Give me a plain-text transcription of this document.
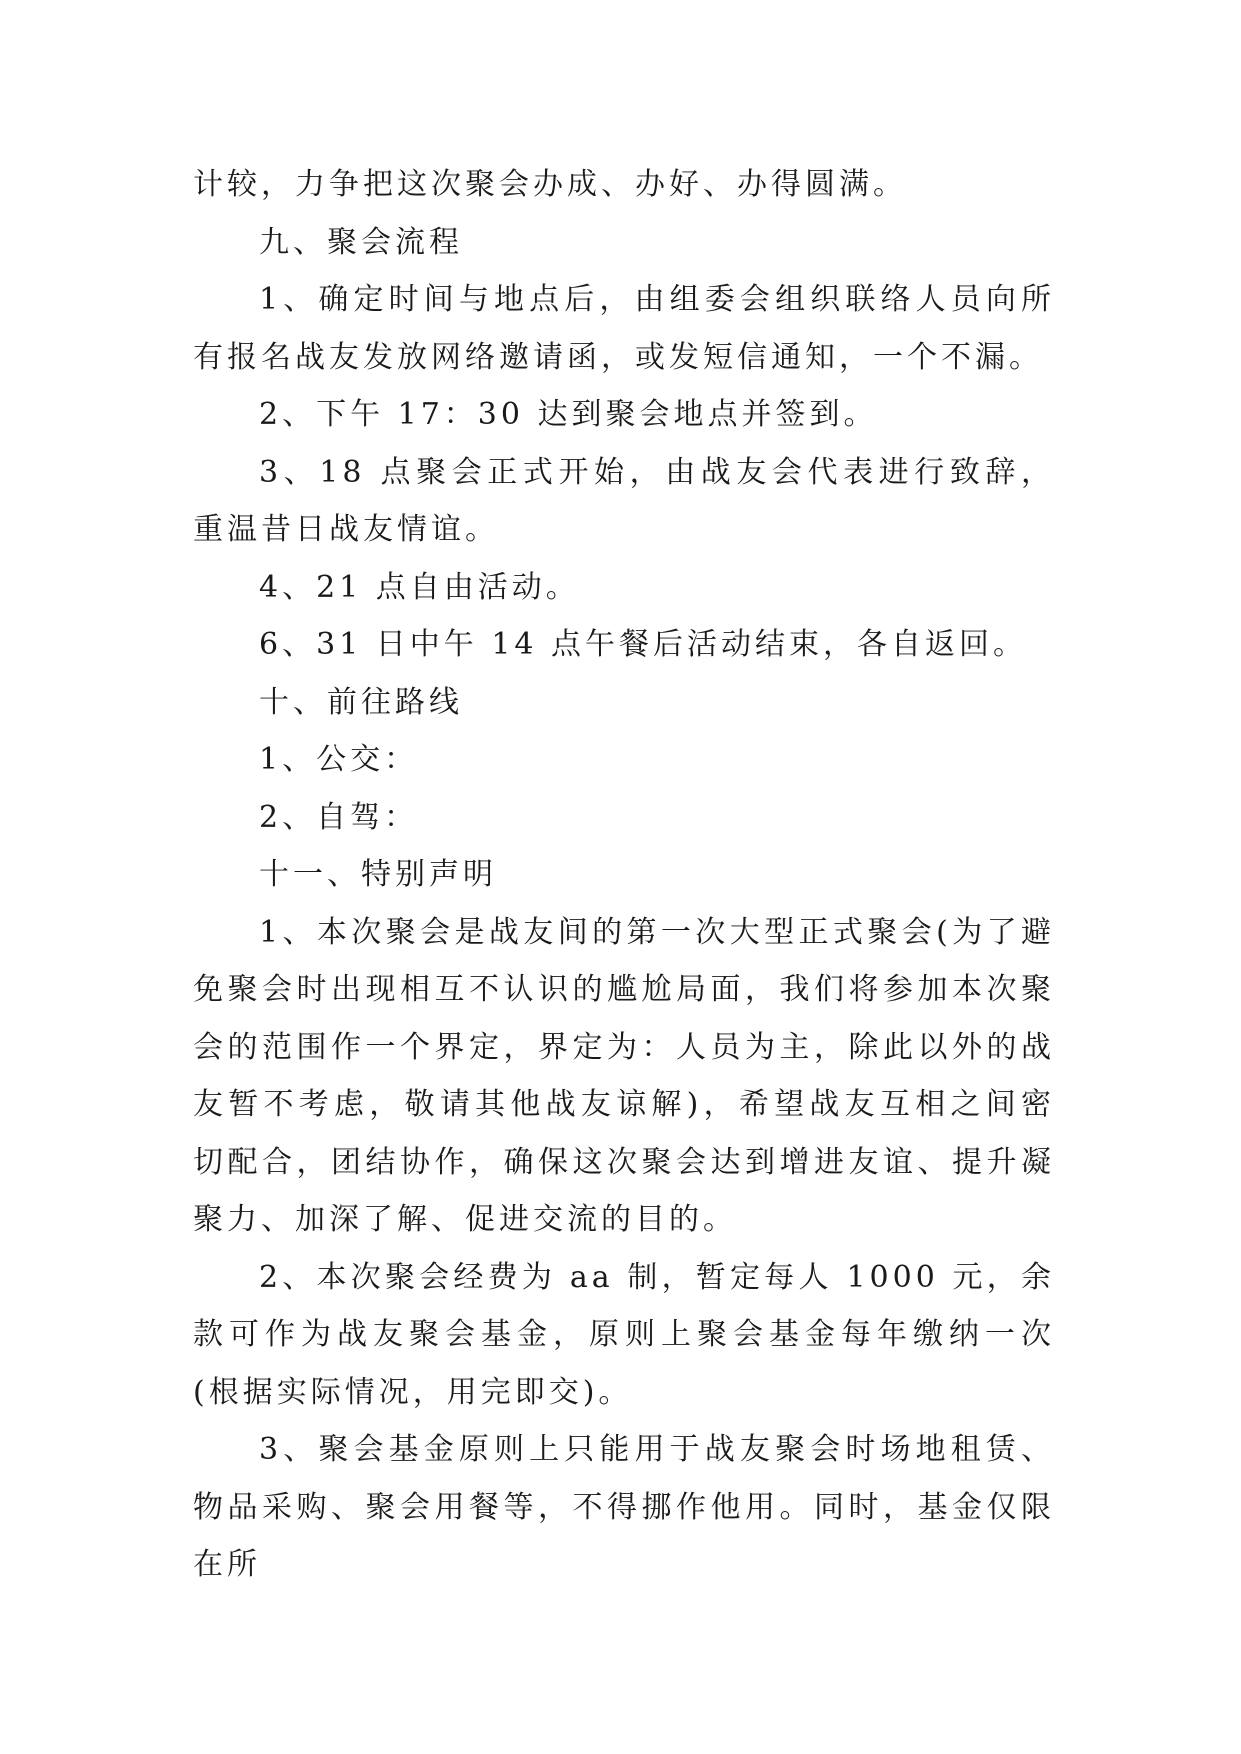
计较，力争把这次聚会办成、办好、办得圆满。

九、聚会流程

1、确定时间与地点后，由组委会组织联络人员向所有报名战友发放网络邀请函，或发短信通知，一个不漏。

2、下午 17：30 达到聚会地点并签到。

3、18 点聚会正式开始，由战友会代表进行致辞，重温昔日战友情谊。

4、21 点自由活动。

6、31 日中午 14 点午餐后活动结束，各自返回。

十、前往路线

1、公交：

2、自驾：

十一、特别声明

1、本次聚会是战友间的第一次大型正式聚会(为了避免聚会时出现相互不认识的尴尬局面，我们将参加本次聚会的范围作一个界定，界定为：人员为主，除此以外的战友暂不考虑，敬请其他战友谅解)，希望战友互相之间密切配合，团结协作，确保这次聚会达到增进友谊、提升凝聚力、加深了解、促进交流的目的。

2、本次聚会经费为 aa 制，暂定每人 1000 元，余款可作为战友聚会基金，原则上聚会基金每年缴纳一次(根据实际情况，用完即交)。

3、聚会基金原则上只能用于战友聚会时场地租赁、物品采购、聚会用餐等，不得挪作他用。同时，基金仅限在所
